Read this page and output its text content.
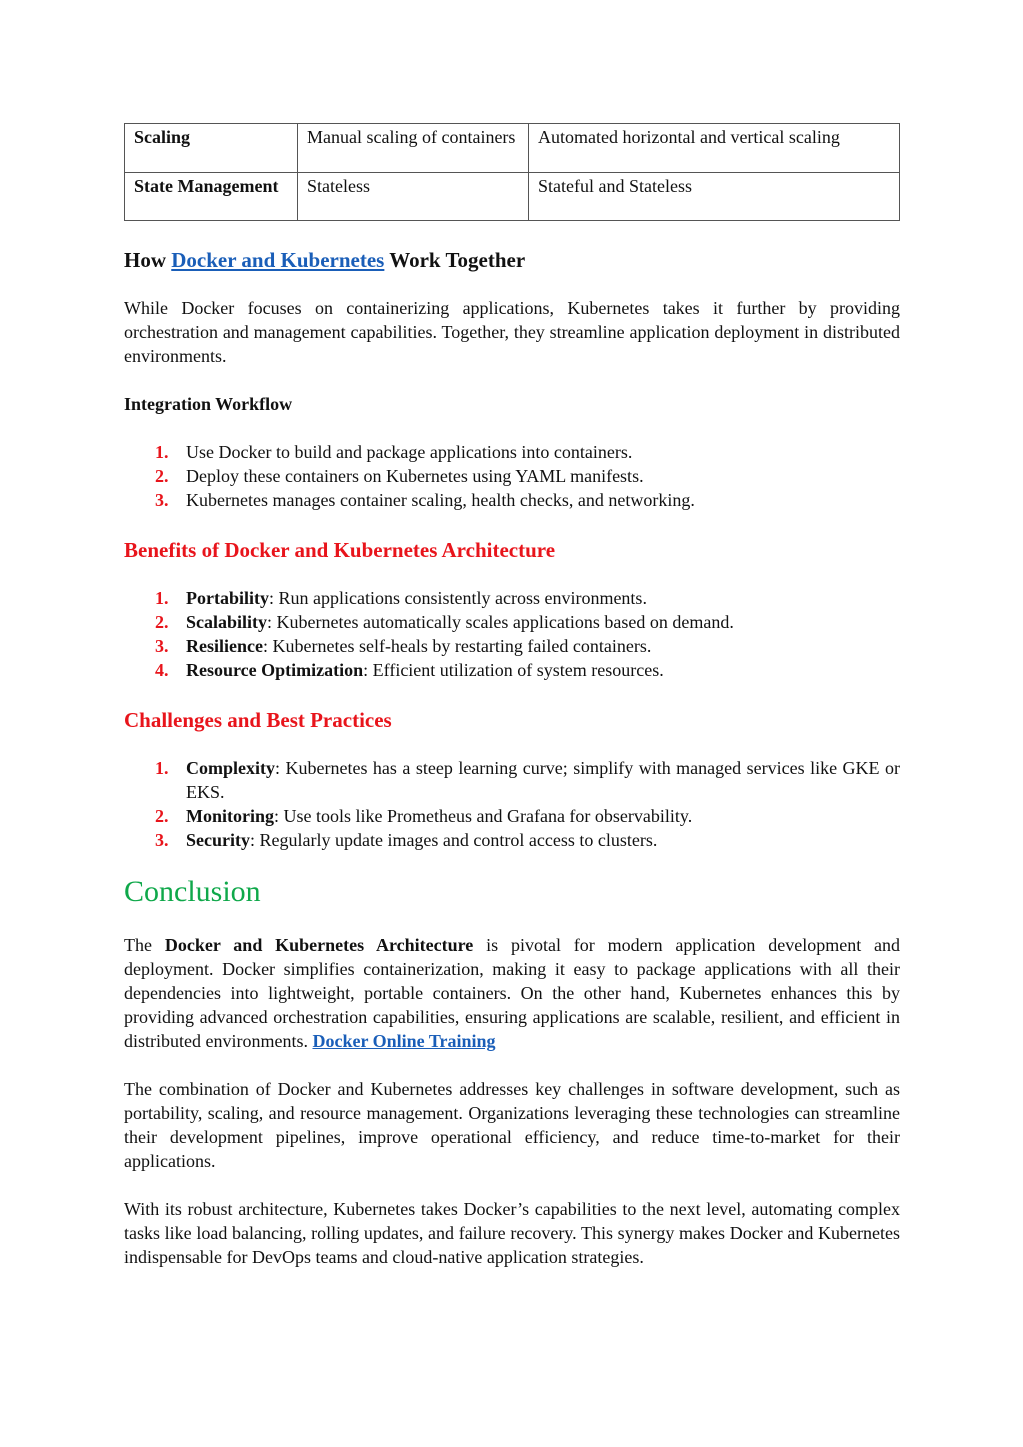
Scaling	Manual scaling of containers	Automated horizontal and vertical scaling
State Management	Stateless	Stateful and Stateless
How Docker and Kubernetes Work Together

While Docker focuses on containerizing applications, Kubernetes takes it further by providing orchestration and management capabilities. Together, they streamline application deployment in distributed environments.

Integration Workflow

1. Use Docker to build and package applications into containers.
2. Deploy these containers on Kubernetes using YAML manifests.
3. Kubernetes manages container scaling, health checks, and networking.
Benefits of Docker and Kubernetes Architecture
1. Portability: Run applications consistently across environments.
2. Scalability: Kubernetes automatically scales applications based on demand.
3. Resilience: Kubernetes self-heals by restarting failed containers.
4. Resource Optimization: Efficient utilization of system resources.
Challenges and Best Practices
1. Complexity: Kubernetes has a steep learning curve; simplify with managed services like GKE or EKS.
2. Monitoring: Use tools like Prometheus and Grafana for observability.
3. Security: Regularly update images and control access to clusters.
Conclusion

The Docker and Kubernetes Architecture is pivotal for modern application development and deployment. Docker simplifies containerization, making it easy to package applications with all their dependencies into lightweight, portable containers. On the other hand, Kubernetes enhances this by providing advanced orchestration capabilities, ensuring applications are scalable, resilient, and efficient in distributed environments. Docker Online Training

The combination of Docker and Kubernetes addresses key challenges in software development, such as portability, scaling, and resource management. Organizations leveraging these technologies can streamline their development pipelines, improve operational efficiency, and reduce time-to-market for their applications.

With its robust architecture, Kubernetes takes Docker’s capabilities to the next level, automating complex tasks like load balancing, rolling updates, and failure recovery. This synergy makes Docker and Kubernetes indispensable for DevOps teams and cloud-native application strategies.
